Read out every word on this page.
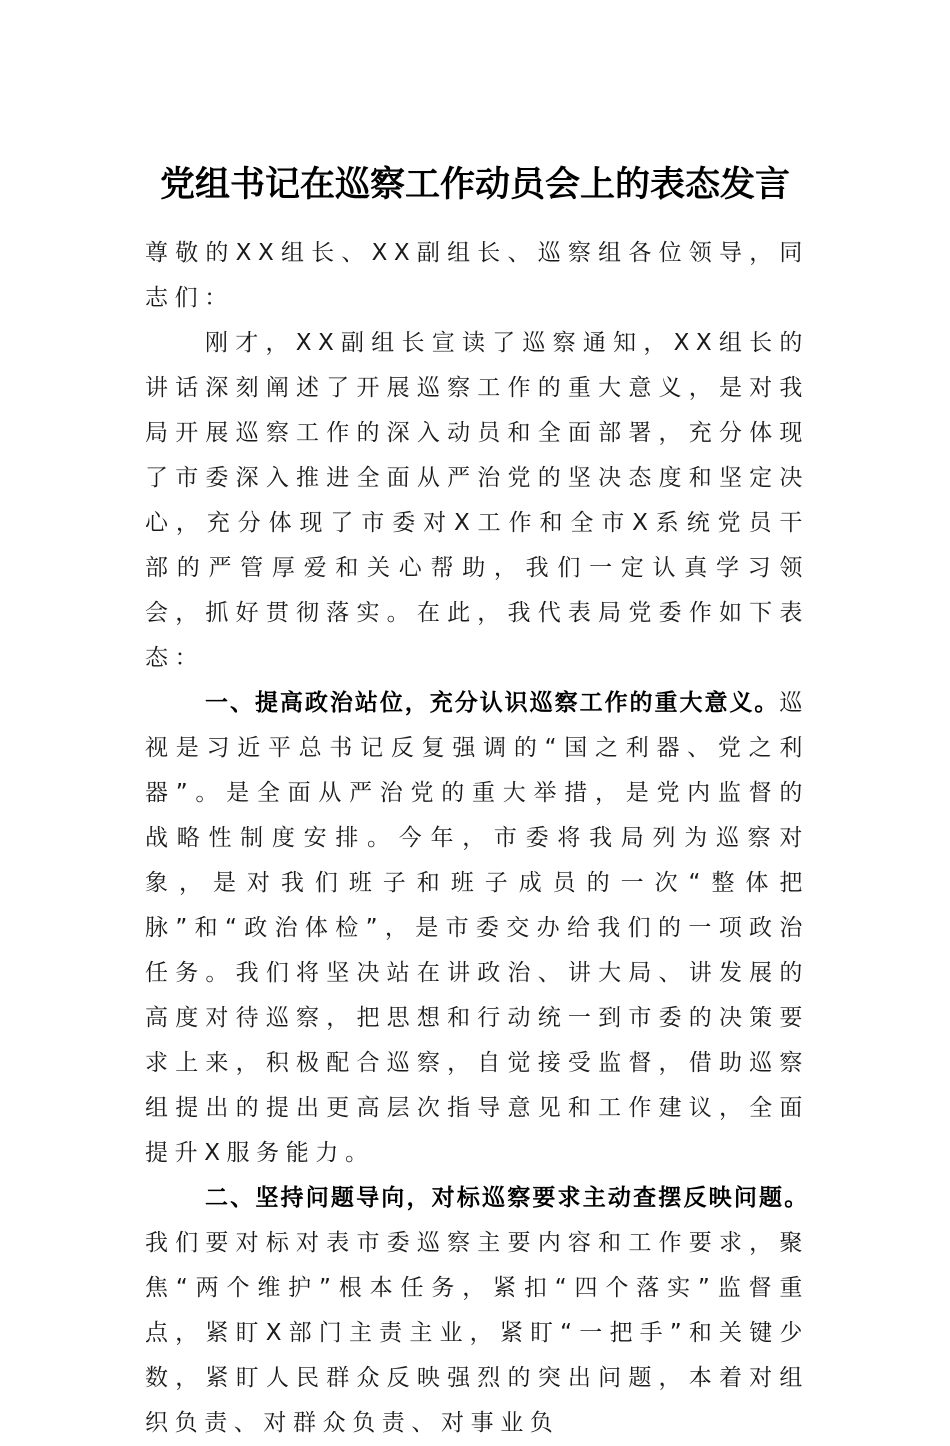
党组书记在巡察工作动员会上的表态发言

尊敬的XX组长、XX副组长、巡察组各位领导，同志们：

刚才，XX副组长宣读了巡察通知，XX组长的讲话深刻阐述了开展巡察工作的重大意义，是对我局开展巡察工作的深入动员和全面部署，充分体现了市委深入推进全面从严治党的坚决态度和坚定决心，充分体现了市委对X工作和全市X系统党员干部的严管厚爱和关心帮助，我们一定认真学习领会，抓好贯彻落实。在此，我代表局党委作如下表态：

一、提高政治站位，充分认识巡察工作的重大意义。巡视是习近平总书记反复强调的“国之利器、党之利器”。是全面从严治党的重大举措，是党内监督的战略性制度安排。今年，市委将我局列为巡察对象，是对我们班子和班子成员的一次“整体把脉”和“政治体检”，是市委交办给我们的一项政治任务。我们将坚决站在讲政治、讲大局、讲发展的高度对待巡察，把思想和行动统一到市委的决策要求上来，积极配合巡察，自觉接受监督，借助巡察组提出的提出更高层次指导意见和工作建议，全面提升X服务能力。

二、坚持问题导向，对标巡察要求主动查摆反映问题。我们要对标对表市委巡察主要内容和工作要求，聚焦“两个维护”根本任务，紧扣“四个落实”监督重点，紧盯X部门主责主业，紧盯“一把手”和关键少数，紧盯人民群众反映强烈的突出问题，本着对组织负责、对群众负责、对事业负
